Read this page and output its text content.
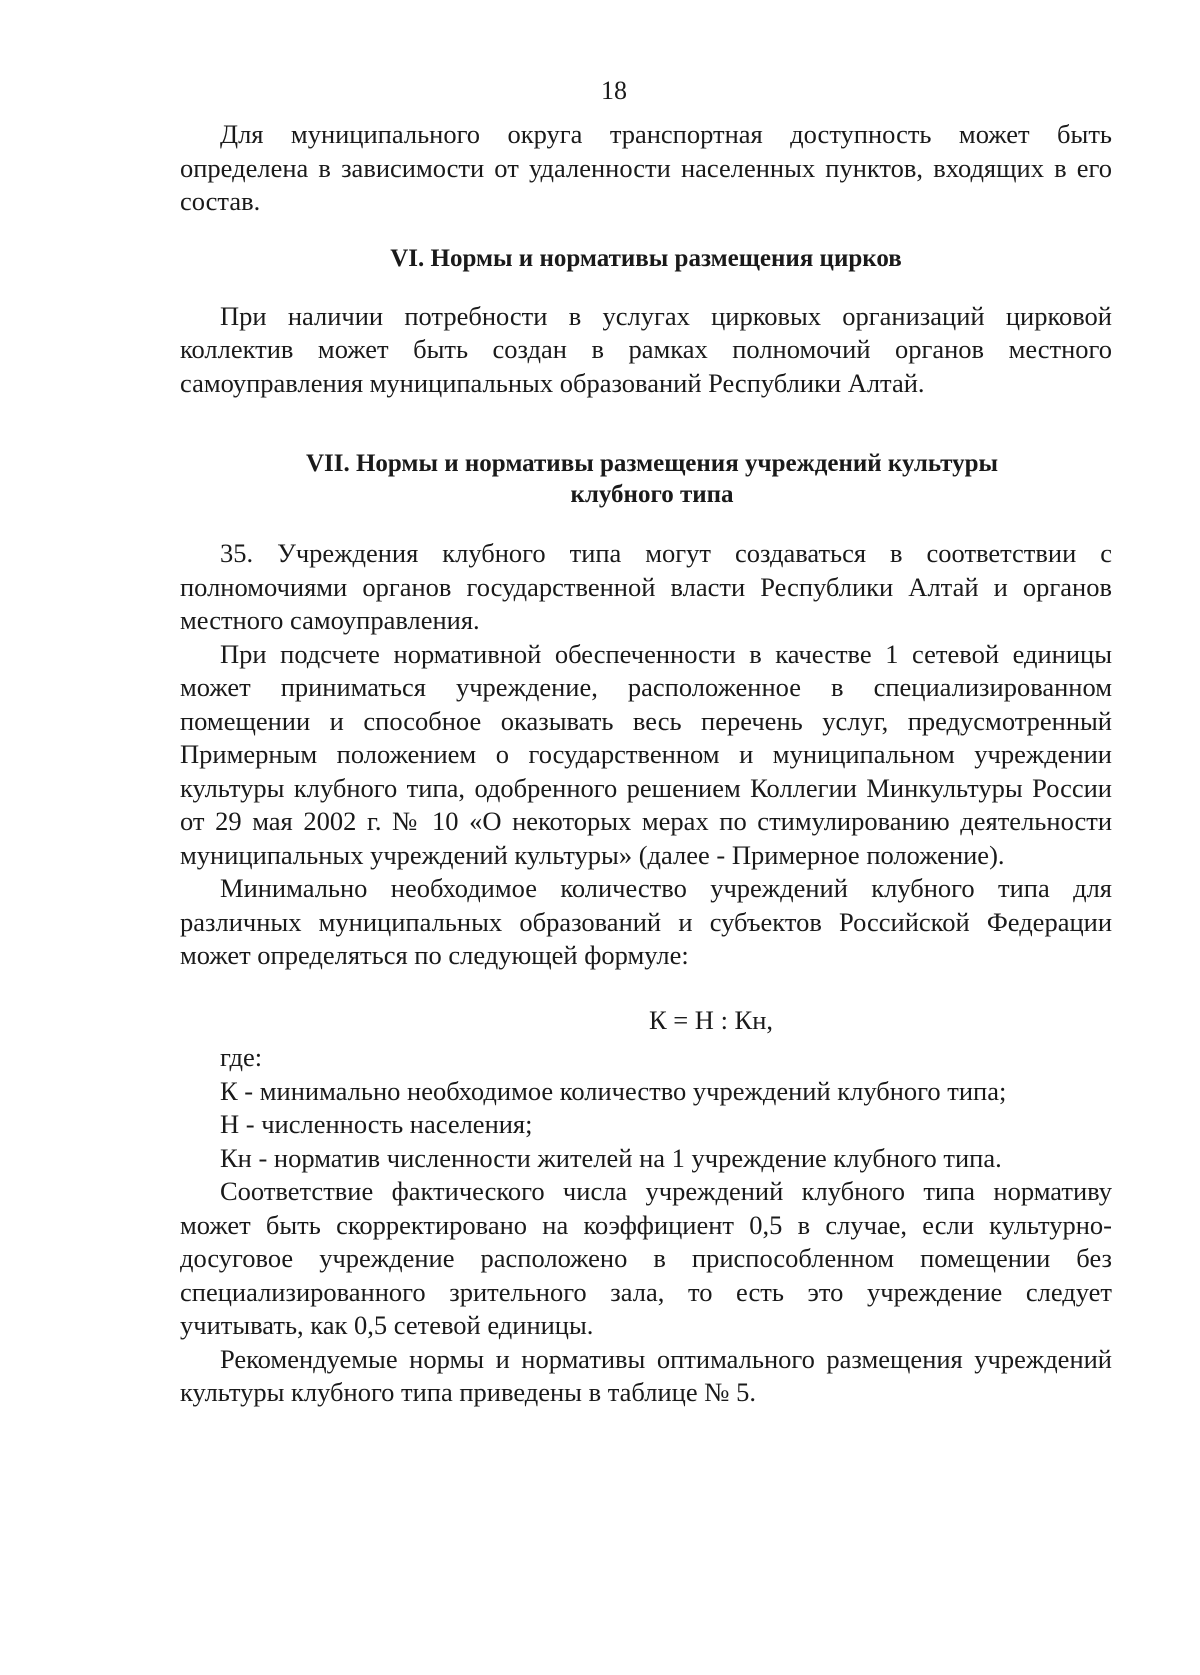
18

Для муниципального округа транспортная доступность может быть определена в зависимости от удаленности населенных пунктов, входящих в его состав.

VI. Нормы и нормативы размещения цирков

При наличии потребности в услугах цирковых организаций цирковой коллектив может быть создан в рамках полномочий органов местного самоуправления муниципальных образований Республики Алтай.

VII. Нормы и нормативы размещения учреждений культуры

клубного типа

35. Учреждения клубного типа могут создаваться в соответствии с полномочиями органов государственной власти Республики Алтай и органов местного самоуправления.

При подсчете нормативной обеспеченности в качестве 1 сетевой единицы может приниматься учреждение, расположенное в специализированном помещении и способное оказывать весь перечень услуг, предусмотренный Примерным положением о государственном и муниципальном учреждении культуры клубного типа, одобренного решением Коллегии Минкультуры России от 29 мая 2002 г. № 10 «О некоторых мерах по стимулированию деятельности муниципальных учреждений культуры» (далее - Примерное положение).

Минимально необходимое количество учреждений клубного типа для различных муниципальных образований и субъектов Российской Федерации может определяться по следующей формуле:

К = Н : Кн,

где:

К - минимально необходимое количество учреждений клубного типа;

Н - численность населения;

Кн - норматив численности жителей на 1 учреждение клубного типа.

Соответствие фактического числа учреждений клубного типа нормативу может быть скорректировано на коэффициент 0,5 в случае, если культурно-досуговое учреждение расположено в приспособленном помещении без специализированного зрительного зала, то есть это учреждение следует учитывать, как 0,5 сетевой единицы.

Рекомендуемые нормы и нормативы оптимального размещения учреждений культуры клубного типа приведены в таблице № 5.
